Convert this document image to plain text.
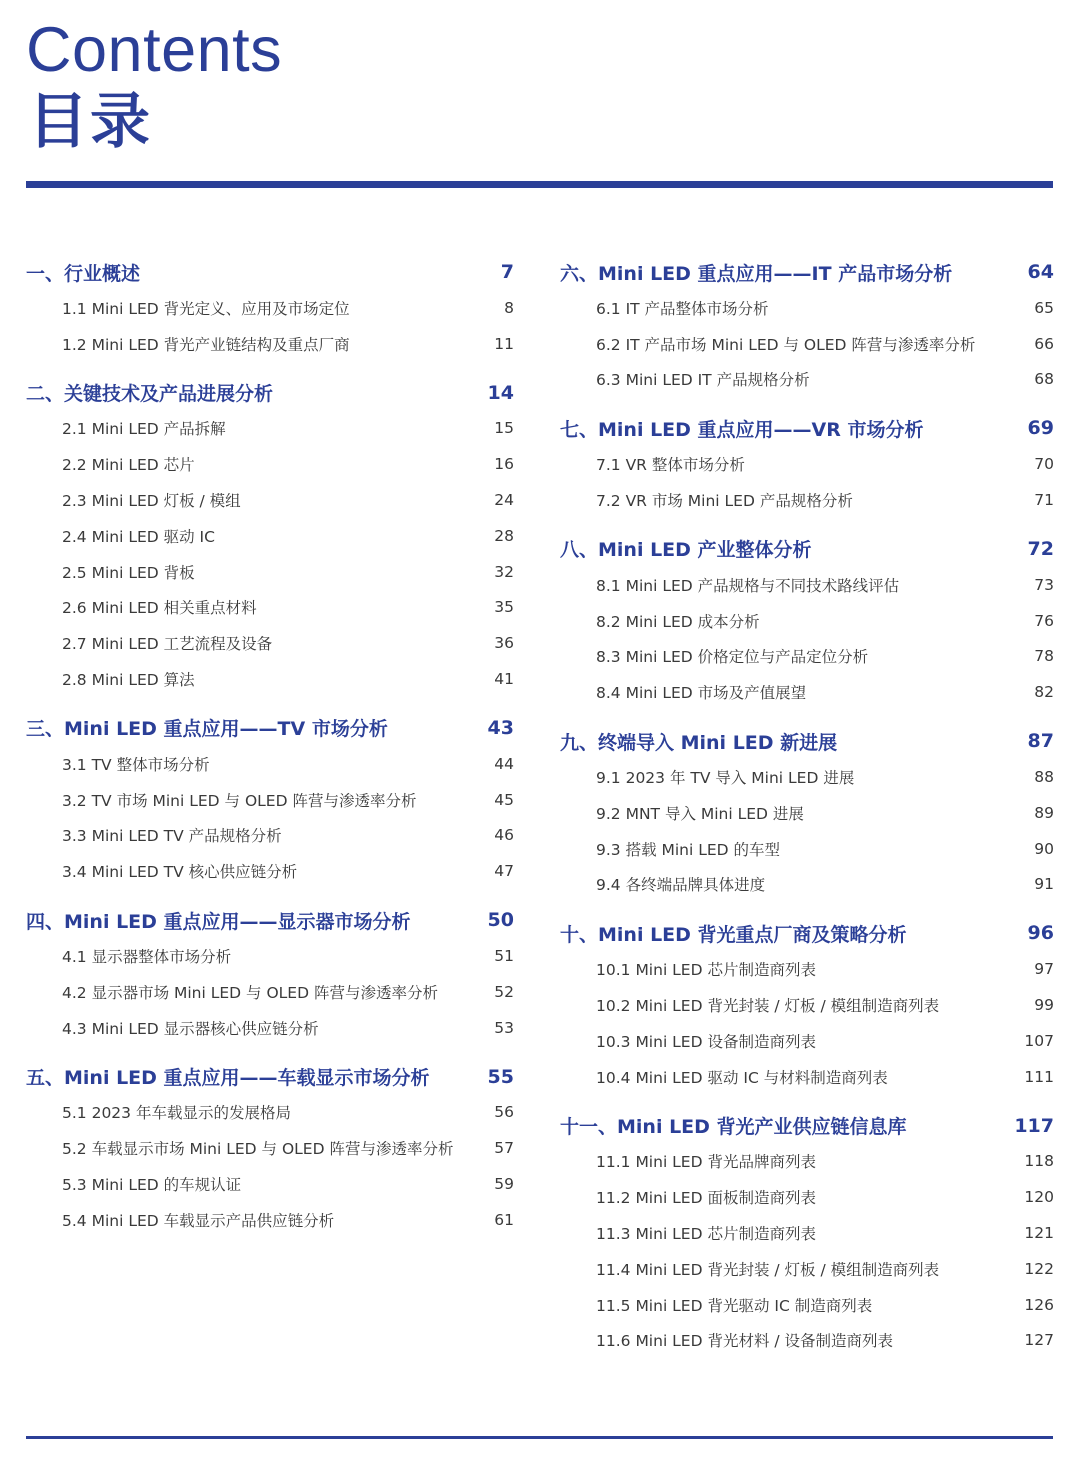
Contents
目录
一、行业概述	7
1.1 Mini LED 背光定义、应用及市场定位	8
1.2 Mini LED 背光产业链结构及重点厂商	11
二、关键技术及产品进展分析	14
2.1 Mini LED 产品拆解	15
2.2 Mini LED 芯片	16
2.3 Mini LED 灯板 / 模组	24
2.4 Mini LED 驱动 IC	28
2.5 Mini LED 背板	32
2.6 Mini LED 相关重点材料	35
2.7 Mini LED 工艺流程及设备	36
2.8 Mini LED 算法	41
三、Mini LED 重点应用——TV 市场分析	43
3.1 TV 整体市场分析	44
3.2 TV 市场 Mini LED 与 OLED 阵营与渗透率分析	45
3.3 Mini LED TV 产品规格分析	46
3.4 Mini LED TV 核心供应链分析	47
四、Mini LED 重点应用——显示器市场分析	50
4.1 显示器整体市场分析	51
4.2 显示器市场 Mini LED 与 OLED 阵营与渗透率分析	52
4.3 Mini LED 显示器核心供应链分析	53
五、Mini LED 重点应用——车载显示市场分析	55
5.1 2023 年车载显示的发展格局	56
5.2 车载显示市场 Mini LED 与 OLED 阵营与渗透率分析	57
5.3 Mini LED 的车规认证	59
5.4 Mini LED 车载显示产品供应链分析	61
六、Mini LED 重点应用——IT 产品市场分析	64
6.1 IT 产品整体市场分析	65
6.2 IT 产品市场 Mini LED 与 OLED 阵营与渗透率分析	66
6.3 Mini LED IT 产品规格分析	68
七、Mini LED 重点应用——VR 市场分析	69
7.1 VR 整体市场分析	70
7.2 VR 市场 Mini LED 产品规格分析	71
八、Mini LED 产业整体分析	72
8.1 Mini LED 产品规格与不同技术路线评估	73
8.2 Mini LED 成本分析	76
8.3 Mini LED 价格定位与产品定位分析	78
8.4 Mini LED 市场及产值展望	82
九、终端导入 Mini LED 新进展	87
9.1 2023 年 TV 导入 Mini LED 进展	88
9.2 MNT 导入 Mini LED 进展	89
9.3 搭载 Mini LED 的车型	90
9.4 各终端品牌具体进度	91
十、Mini LED 背光重点厂商及策略分析	96
10.1 Mini LED 芯片制造商列表	97
10.2 Mini LED 背光封装 / 灯板 / 模组制造商列表	99
10.3 Mini LED 设备制造商列表	107
10.4 Mini LED 驱动 IC 与材料制造商列表	111
十一、Mini LED 背光产业供应链信息库	117
11.1 Mini LED 背光品牌商列表	118
11.2 Mini LED 面板制造商列表	120
11.3 Mini LED 芯片制造商列表	121
11.4 Mini LED 背光封装 / 灯板 / 模组制造商列表	122
11.5 Mini LED 背光驱动 IC 制造商列表	126
11.6 Mini LED 背光材料 / 设备制造商列表	127
